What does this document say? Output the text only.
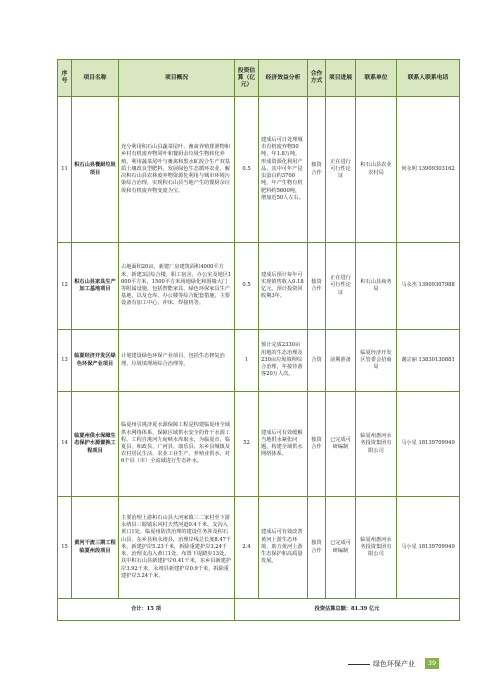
序号	项目名称	项目概况	投资估算（亿元）	经济效益分析	合作方式	项目进展	联系单位	联系人联系电话
11	积石山县餐厨垃圾项目	充分利用积石山县蔬菜尾叶、畜禽养殖排泄物和乡村有机废弃物同叶和餐厨余垃圾生物转化养殖，利用蔬菜尾叶与畜禽和黑水虻混合生产双基质土壤改良型肥料，发展绿色生态循环农业，解决积石山县农林废弃物资源化利用与城市环境污染综合治理，实现积石山县当地产生的餐厨余垃圾和有机废弃物变废为宝。	0.5	建成后可日处理城市有机废弃物50吨，年1.8万吨，形成资源化利用产品，其中可年产昆虫蛋白约3700吨，年产生物有机肥料约5600吨，增加近50人左右。	独资合作	正在进行可行性论证	积石山县农业农村局	何永明 13909303162
12	积石山县家具生产加工基地项目	占地面积20亩，新建厂房建筑面积4000平方米，新建3层综合楼，职工宿舍，办公室及地区1000平方米，1500平方米场地绿化和围墙大门等附属设施，包括智能家具、绿色环保家具生产基地，以及仓库、办公楼等综合配套措施，主要设备有加工中心、冲床、焊接机等。	0.5	建成后预计每年可实现销售收入0.18亿元，预计投资回收期3年。	独资合作	正在进行可行性论证	积石山县商务局	马永杰 13909307988
13	临夏经济开发区绿色环保产业项目	计划建设绿色环保产业项目，包括生态修复治理，垃圾填埋场综合治理等。	1	预计完成2330亩用地的生态治理及230亩垃圾填埋综合治理，年接待游客20万人次。	合资	前期准备	临夏经济开发区管委会招商局	谢宗丽 13830130881
14	临夏州供水保障生态保护水源置换工程项目	临夏州引洮济夏水源保障工程是构建临夏州全域供水网络体系，保障区域供水安全的骨干水源工程。工程自洮河九甸峡水库取水，为临夏市、临夏县、和政县、广河县、康乐县、东乡县城镇及农村居民生活、农业工业生产、养殖业供水，对6个县（市）全流域进行生态补水。	52	建成后可有效缓解当地供水紧张问题，构建全域供水网络体系。	独资合作	已完成可研编制	临夏州惠河水务投资集团有限公司	马小星 18139709949
15	黄河干流三期工程临夏州段项目	主要治理上游积石山县大河家镇三二家村至下游永靖县三塬镇东风村天然河道0.4千米，支沟入黄口1处。临夏州防洪治理的建设任务涉及积石山县、东乡县和永靖县，治理岸线总长度8.47千米，新建护岸5.23千米，拆除重建护岸3.24千米，治理支沟入黄口1处，布置下堤踏步13处。其中积石山县新建护岸0.41千米，东乡县新建护岸3.92千米，永靖县新建护岸0.9千米，拆除重建护岸3.24千米。	2.4	建成后可有效改善黄河上游生态环境，助力黄河上游生态保护和高质量发展。	独资合作	已完成可研编制	临夏州惠河水务投资集团有限公司	马小星 18139709949
合计：15 项			投资估算总额：81.39 亿元					
绿色环保产业	39
